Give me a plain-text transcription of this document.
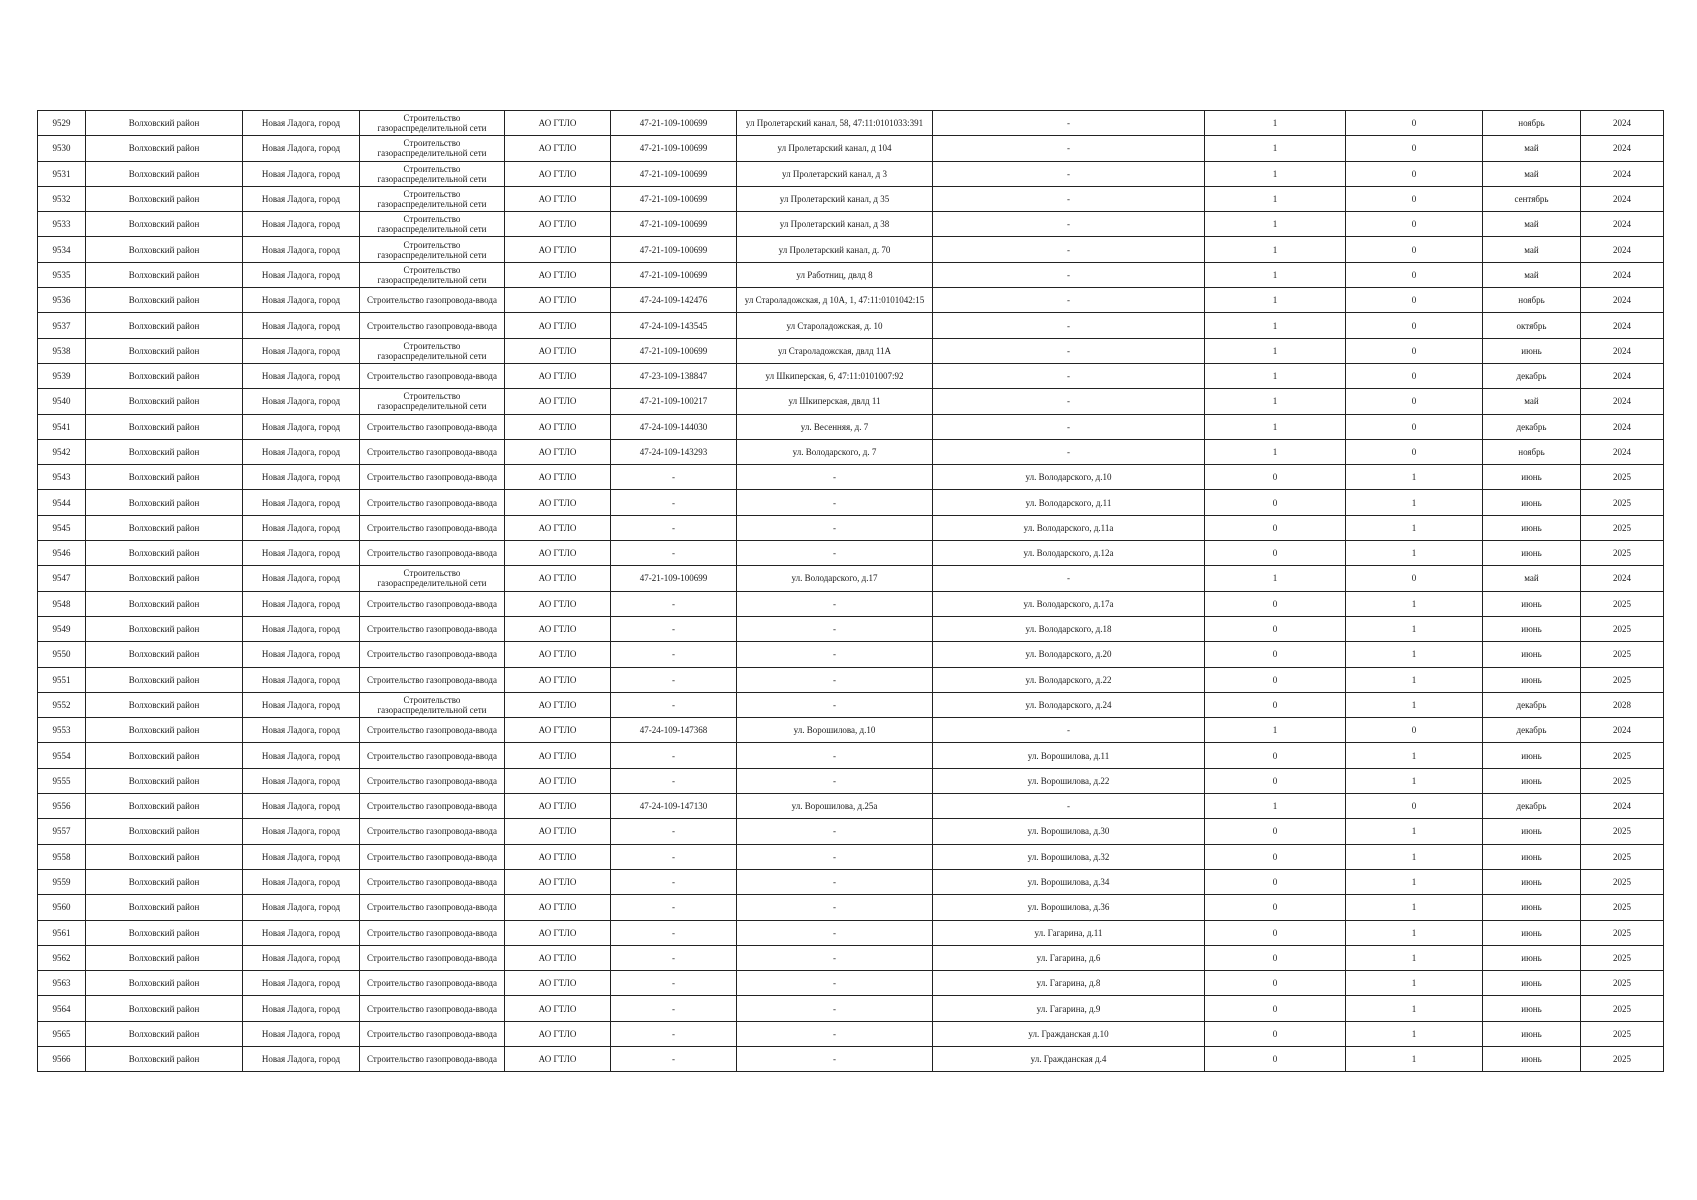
9529	Волховский район	Новая Ладога, город	Строительство газораспределительной сети	АО ГТЛО	47-21-109-100699	ул Пролетарский канал, 58, 47:11:0101033:391	-	1	0	ноябрь	2024
9530	Волховский район	Новая Ладога, город	Строительство газораспределительной сети	АО ГТЛО	47-21-109-100699	ул Пролетарский канал, д 104	-	1	0	май	2024
9531	Волховский район	Новая Ладога, город	Строительство газораспределительной сети	АО ГТЛО	47-21-109-100699	ул Пролетарский канал, д 3	-	1	0	май	2024
9532	Волховский район	Новая Ладога, город	Строительство газораспределительной сети	АО ГТЛО	47-21-109-100699	ул Пролетарский канал, д 35	-	1	0	сентябрь	2024
9533	Волховский район	Новая Ладога, город	Строительство газораспределительной сети	АО ГТЛО	47-21-109-100699	ул Пролетарский канал, д 38	-	1	0	май	2024
9534	Волховский район	Новая Ладога, город	Строительство газораспределительной сети	АО ГТЛО	47-21-109-100699	ул Пролетарский канал, д. 70	-	1	0	май	2024
9535	Волховский район	Новая Ладога, город	Строительство газораспределительной сети	АО ГТЛО	47-21-109-100699	ул Работниц, двлд 8	-	1	0	май	2024
9536	Волховский район	Новая Ладога, город	Строительство газопровода-ввода	АО ГТЛО	47-24-109-142476	ул Староладожская, д 10А, 1, 47:11:0101042:15	-	1	0	ноябрь	2024
9537	Волховский район	Новая Ладога, город	Строительство газопровода-ввода	АО ГТЛО	47-24-109-143545	ул Староладожская, д. 10	-	1	0	октябрь	2024
9538	Волховский район	Новая Ладога, город	Строительство газораспределительной сети	АО ГТЛО	47-21-109-100699	ул Староладожская, двлд 11А	-	1	0	июнь	2024
9539	Волховский район	Новая Ладога, город	Строительство газопровода-ввода	АО ГТЛО	47-23-109-138847	ул Шкиперская, 6, 47:11:0101007:92	-	1	0	декабрь	2024
9540	Волховский район	Новая Ладога, город	Строительство газораспределительной сети	АО ГТЛО	47-21-109-100217	ул Шкиперская, двлд 11	-	1	0	май	2024
9541	Волховский район	Новая Ладога, город	Строительство газопровода-ввода	АО ГТЛО	47-24-109-144030	ул. Весенняя, д. 7	-	1	0	декабрь	2024
9542	Волховский район	Новая Ладога, город	Строительство газопровода-ввода	АО ГТЛО	47-24-109-143293	ул. Володарского, д. 7	-	1	0	ноябрь	2024
9543	Волховский район	Новая Ладога, город	Строительство газопровода-ввода	АО ГТЛО	-	-	ул. Володарского, д.10	0	1	июнь	2025
9544	Волховский район	Новая Ладога, город	Строительство газопровода-ввода	АО ГТЛО	-	-	ул. Володарского, д.11	0	1	июнь	2025
9545	Волховский район	Новая Ладога, город	Строительство газопровода-ввода	АО ГТЛО	-	-	ул. Володарского, д.11а	0	1	июнь	2025
9546	Волховский район	Новая Ладога, город	Строительство газопровода-ввода	АО ГТЛО	-	-	ул. Володарского, д.12а	0	1	июнь	2025
9547	Волховский район	Новая Ладога, город	Строительство газораспределительной сети	АО ГТЛО	47-21-109-100699	ул. Володарского, д.17	-	1	0	май	2024
9548	Волховский район	Новая Ладога, город	Строительство газопровода-ввода	АО ГТЛО	-	-	ул. Володарского, д.17а	0	1	июнь	2025
9549	Волховский район	Новая Ладога, город	Строительство газопровода-ввода	АО ГТЛО	-	-	ул. Володарского, д.18	0	1	июнь	2025
9550	Волховский район	Новая Ладога, город	Строительство газопровода-ввода	АО ГТЛО	-	-	ул. Володарского, д.20	0	1	июнь	2025
9551	Волховский район	Новая Ладога, город	Строительство газопровода-ввода	АО ГТЛО	-	-	ул. Володарского, д.22	0	1	июнь	2025
9552	Волховский район	Новая Ладога, город	Строительство газораспределительной сети	АО ГТЛО	-	-	ул. Володарского, д.24	0	1	декабрь	2028
9553	Волховский район	Новая Ладога, город	Строительство газопровода-ввода	АО ГТЛО	47-24-109-147368	ул. Ворошилова, д.10	-	1	0	декабрь	2024
9554	Волховский район	Новая Ладога, город	Строительство газопровода-ввода	АО ГТЛО	-	-	ул. Ворошилова, д.11	0	1	июнь	2025
9555	Волховский район	Новая Ладога, город	Строительство газопровода-ввода	АО ГТЛО	-	-	ул. Ворошилова, д.22	0	1	июнь	2025
9556	Волховский район	Новая Ладога, город	Строительство газопровода-ввода	АО ГТЛО	47-24-109-147130	ул. Ворошилова, д.25а	-	1	0	декабрь	2024
9557	Волховский район	Новая Ладога, город	Строительство газопровода-ввода	АО ГТЛО	-	-	ул. Ворошилова, д.30	0	1	июнь	2025
9558	Волховский район	Новая Ладога, город	Строительство газопровода-ввода	АО ГТЛО	-	-	ул. Ворошилова, д.32	0	1	июнь	2025
9559	Волховский район	Новая Ладога, город	Строительство газопровода-ввода	АО ГТЛО	-	-	ул. Ворошилова, д.34	0	1	июнь	2025
9560	Волховский район	Новая Ладога, город	Строительство газопровода-ввода	АО ГТЛО	-	-	ул. Ворошилова, д.36	0	1	июнь	2025
9561	Волховский район	Новая Ладога, город	Строительство газопровода-ввода	АО ГТЛО	-	-	ул. Гагарина, д.11	0	1	июнь	2025
9562	Волховский район	Новая Ладога, город	Строительство газопровода-ввода	АО ГТЛО	-	-	ул. Гагарина, д.6	0	1	июнь	2025
9563	Волховский район	Новая Ладога, город	Строительство газопровода-ввода	АО ГТЛО	-	-	ул. Гагарина, д.8	0	1	июнь	2025
9564	Волховский район	Новая Ладога, город	Строительство газопровода-ввода	АО ГТЛО	-	-	ул. Гагарина, д.9	0	1	июнь	2025
9565	Волховский район	Новая Ладога, город	Строительство газопровода-ввода	АО ГТЛО	-	-	ул. Гражданская д.10	0	1	июнь	2025
9566	Волховский район	Новая Ладога, город	Строительство газопровода-ввода	АО ГТЛО	-	-	ул. Гражданская д.4	0	1	июнь	2025
